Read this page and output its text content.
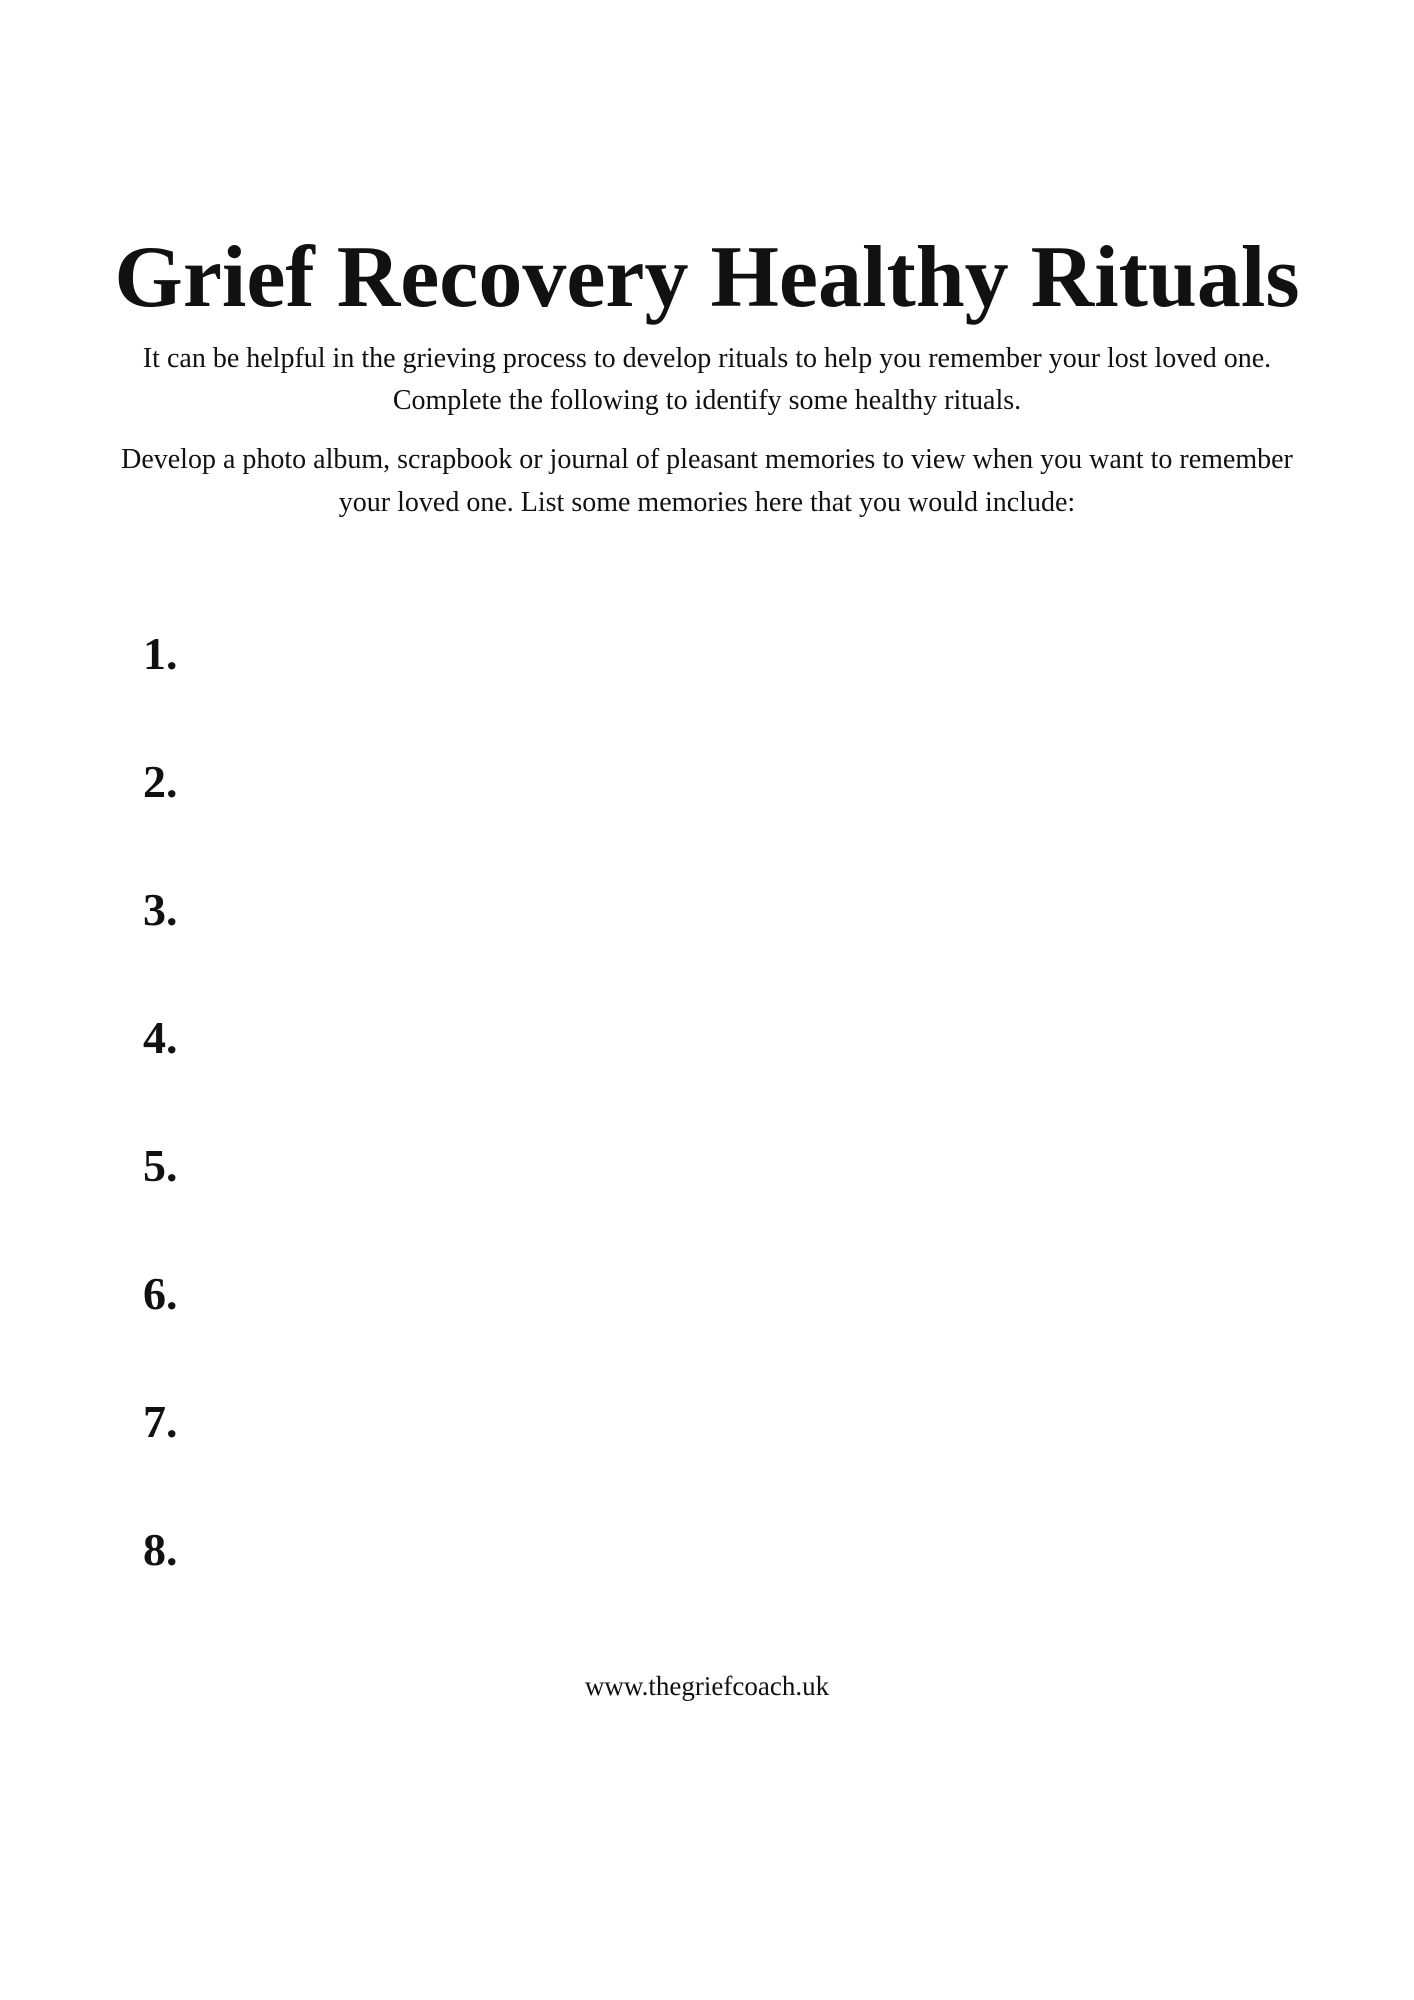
Grief Recovery Healthy Rituals

It can be helpful in the grieving process to develop rituals to help you remember your lost loved one. Complete the following to identify some healthy rituals.

Develop a photo album, scrapbook or journal of pleasant memories to view when you want to remember your loved one. List some memories here that you would include:

1.
2.
3.
4.
5.
6.
7.
8.
www.thegriefcoach.uk
